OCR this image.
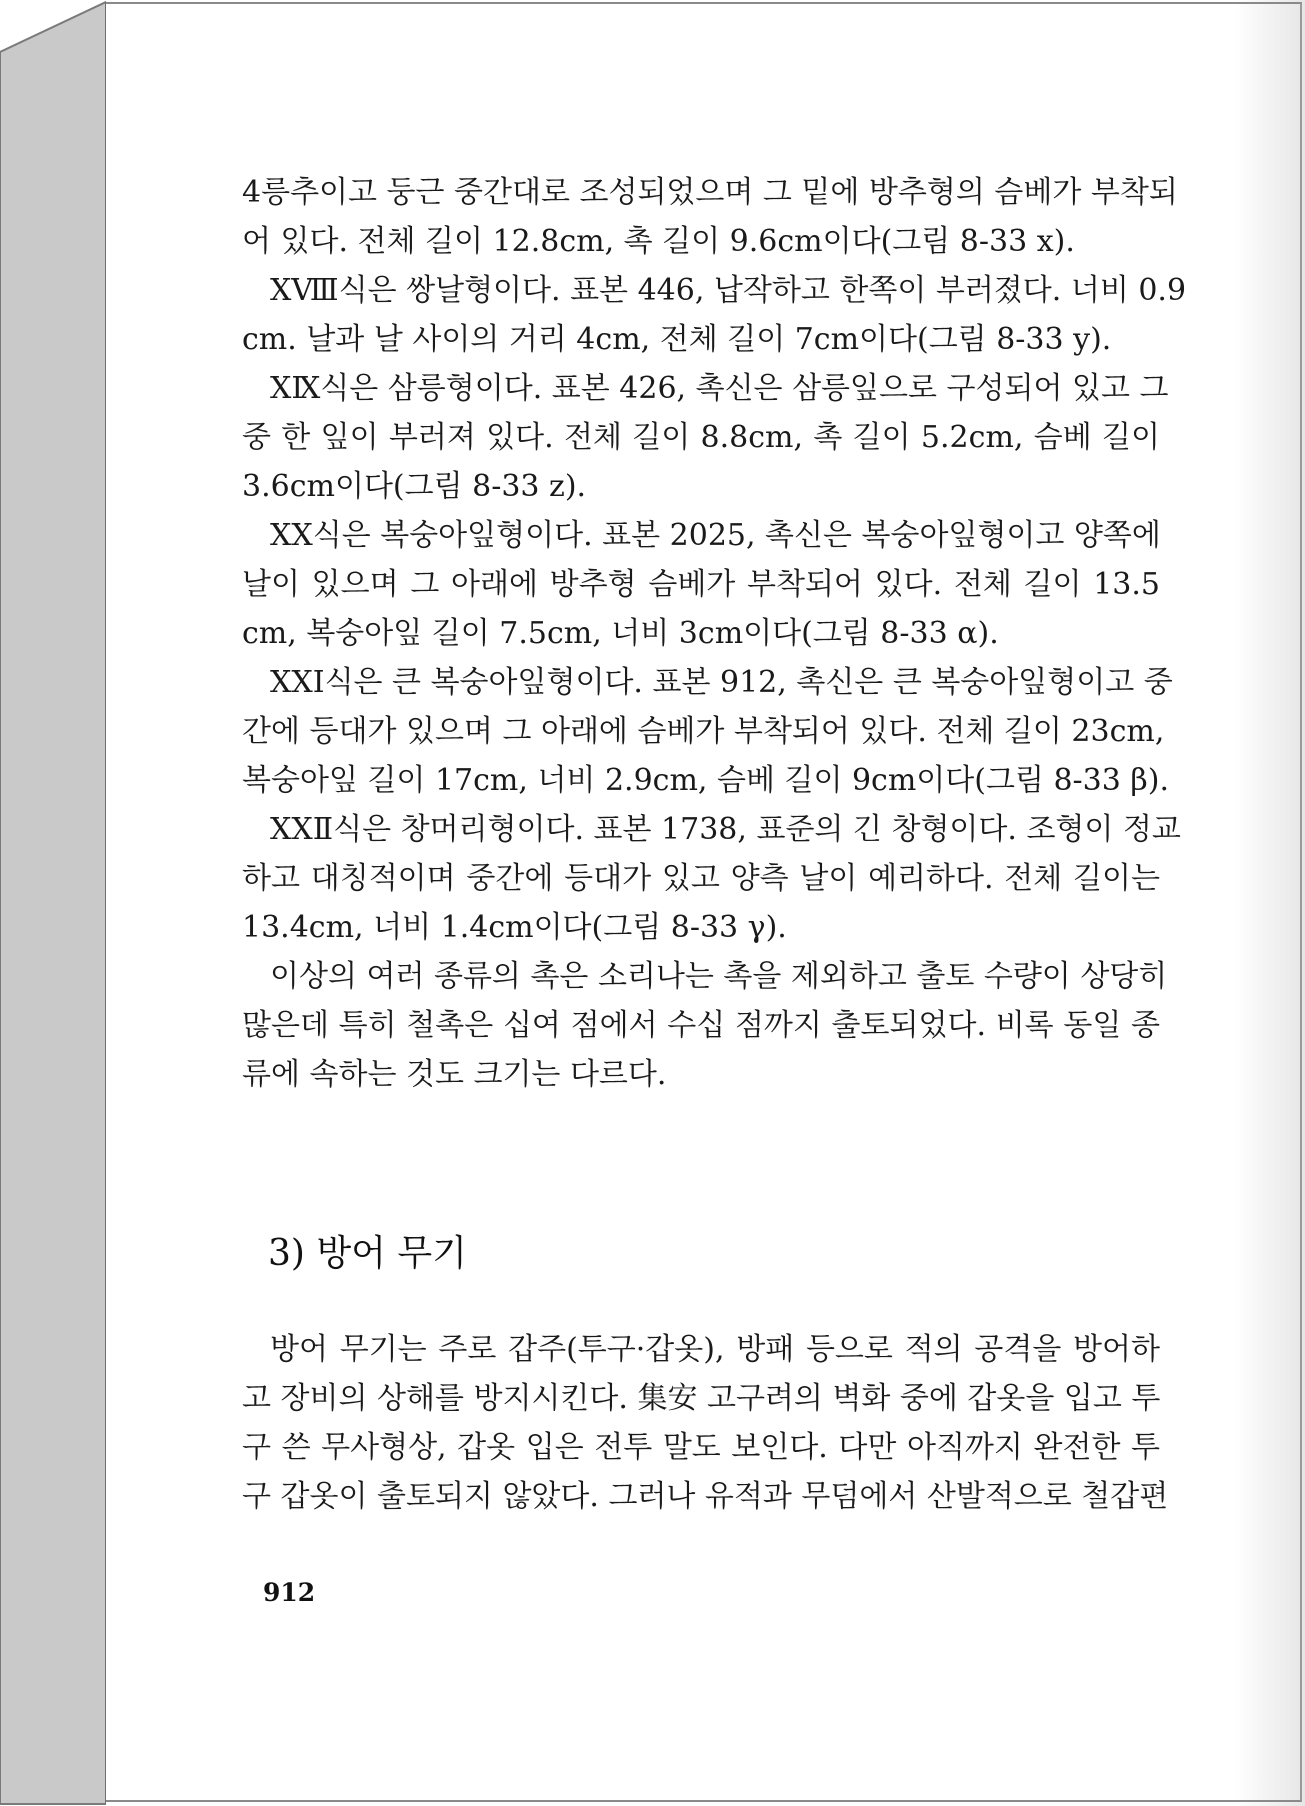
4릉추이고 둥근 중간대로 조성되었으며 그 밑에 방추형의 슴베가 부착되
어 있다. 전체 길이 12.8cm, 촉 길이 9.6cm이다(그림 8-33 x).
XⅧ식은 쌍날형이다. 표본 446, 납작하고 한쪽이 부러졌다. 너비 0.9
cm. 날과 날 사이의 거리 4cm, 전체 길이 7cm이다(그림 8-33 y).
XⅨ식은 삼릉형이다. 표본 426, 촉신은 삼릉잎으로 구성되어 있고 그
중 한 잎이 부러져 있다. 전체 길이 8.8cm, 촉 길이 5.2cm, 슴베 길이
3.6cm이다(그림 8-33 z).
XX식은 복숭아잎형이다. 표본 2025, 촉신은 복숭아잎형이고 양쪽에
날이 있으며 그 아래에 방추형 슴베가 부착되어 있다. 전체 길이 13.5
cm, 복숭아잎 길이 7.5cm, 너비 3cm이다(그림 8-33 α).
XXⅠ식은 큰 복숭아잎형이다. 표본 912, 촉신은 큰 복숭아잎형이고 중
간에 등대가 있으며 그 아래에 슴베가 부착되어 있다. 전체 길이 23cm,
복숭아잎 길이 17cm, 너비 2.9cm, 슴베 길이 9cm이다(그림 8-33 β).
XXⅡ식은 창머리형이다. 표본 1738, 표준의 긴 창형이다. 조형이 정교
하고 대칭적이며 중간에 등대가 있고 양측 날이 예리하다. 전체 길이는
13.4cm, 너비 1.4cm이다(그림 8-33 γ).
이상의 여러 종류의 촉은 소리나는 촉을 제외하고 출토 수량이 상당히
많은데 특히 철촉은 십여 점에서 수십 점까지 출토되었다. 비록 동일 종
류에 속하는 것도 크기는 다르다.
3) 방어 무기
방어 무기는 주로 갑주(투구·갑옷), 방패 등으로 적의 공격을 방어하
고 장비의 상해를 방지시킨다. 集安 고구려의 벽화 중에 갑옷을 입고 투
구 쓴 무사형상, 갑옷 입은 전투 말도 보인다. 다만 아직까지 완전한 투
구 갑옷이 출토되지 않았다. 그러나 유적과 무덤에서 산발적으로 철갑편
912
